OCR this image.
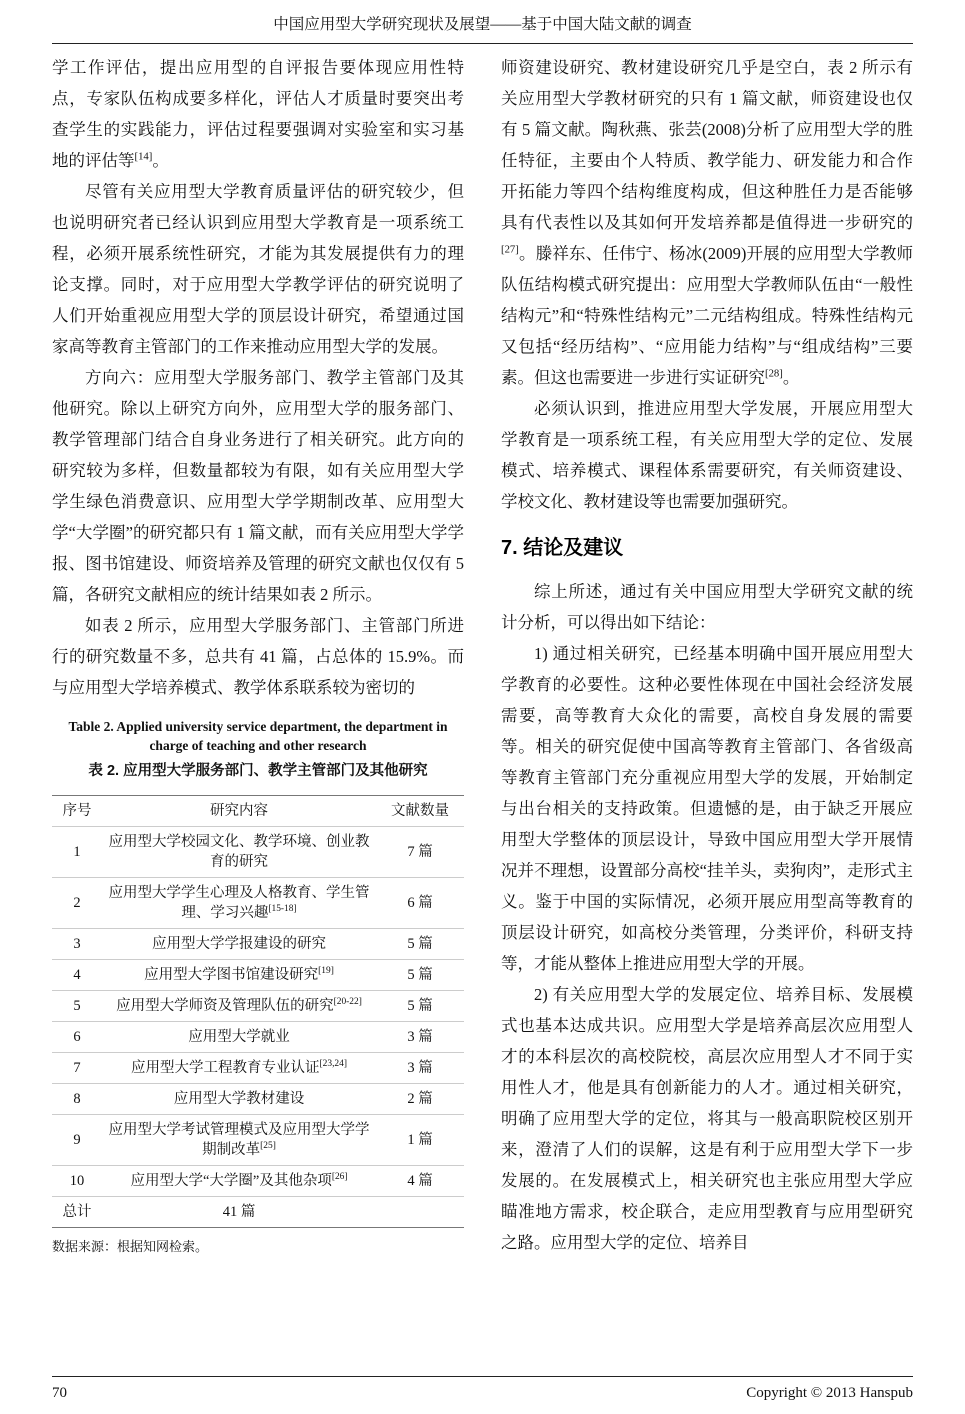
中国应用型大学研究现状及展望——基于中国大陆文献的调查

学工作评估，提出应用型的自评报告要体现应用性特点，专家队伍构成要多样化，评估人才质量时要突出考查学生的实践能力，评估过程要强调对实验室和实习基地的评估等[14]。

尽管有关应用型大学教育质量评估的研究较少，但也说明研究者已经认识到应用型大学教育是一项系统工程，必须开展系统性研究，才能为其发展提供有力的理论支撑。同时，对于应用型大学教学评估的研究说明了人们开始重视应用型大学的顶层设计研究，希望通过国家高等教育主管部门的工作来推动应用型大学的发展。

方向六：应用型大学服务部门、教学主管部门及其他研究。除以上研究方向外，应用型大学的服务部门、教学管理部门结合自身业务进行了相关研究。此方向的研究较为多样，但数量都较为有限，如有关应用型大学学生绿色消费意识、应用型大学学期制改革、应用型大学“大学圈”的研究都只有 1 篇文献，而有关应用型大学学报、图书馆建设、师资培养及管理的研究文献也仅仅有 5 篇，各研究文献相应的统计结果如表 2 所示。

如表 2 所示，应用型大学服务部门、主管部门所进行的研究数量不多，总共有 41 篇，占总体的 15.9%。而与应用型大学培养模式、教学体系联系较为密切的

Table 2. Applied university service department, the department in charge of teaching and other research
表 2. 应用型大学服务部门、教学主管部门及其他研究
序号	研究内容	文献数量
1	应用型大学校园文化、教学环境、创业教育的研究	7 篇
2	应用型大学学生心理及人格教育、学生管理、学习兴趣[15-18]	6 篇
3	应用型大学学报建设的研究	5 篇
4	应用型大学图书馆建设研究[19]	5 篇
5	应用型大学师资及管理队伍的研究[20-22]	5 篇
6	应用型大学就业	3 篇
7	应用型大学工程教育专业认证[23,24]	3 篇
8	应用型大学教材建设	2 篇
9	应用型大学考试管理模式及应用型大学学期制改革[25]	1 篇
10	应用型大学“大学圈”及其他杂项[26]	4 篇
总计	41 篇	
数据来源：根据知网检索。

师资建设研究、教材建设研究几乎是空白，表 2 所示有关应用型大学教材研究的只有 1 篇文献，师资建设也仅有 5 篇文献。陶秋燕、张芸(2008)分析了应用型大学的胜任特征，主要由个人特质、教学能力、研发能力和合作开拓能力等四个结构维度构成，但这种胜任力是否能够具有代表性以及其如何开发培养都是值得进一步研究的[27]。滕祥东、任伟宁、杨冰(2009)开展的应用型大学教师队伍结构模式研究提出：应用型大学教师队伍由“一般性结构元”和“特殊性结构元”二元结构组成。特殊性结构元又包括“经历结构”、“应用能力结构”与“组成结构”三要素。但这也需要进一步进行实证研究[28]。

必须认识到，推进应用型大学发展，开展应用型大学教育是一项系统工程，有关应用型大学的定位、发展模式、培养模式、课程体系需要研究，有关师资建设、学校文化、教材建设等也需要加强研究。

7. 结论及建议

综上所述，通过有关中国应用型大学研究文献的统计分析，可以得出如下结论：

1) 通过相关研究，已经基本明确中国开展应用型大学教育的必要性。这种必要性体现在中国社会经济发展需要，高等教育大众化的需要，高校自身发展的需要等。相关的研究促使中国高等教育主管部门、各省级高等教育主管部门充分重视应用型大学的发展，开始制定与出台相关的支持政策。但遗憾的是，由于缺乏开展应用型大学整体的顶层设计，导致中国应用型大学开展情况并不理想，设置部分高校“挂羊头，卖狗肉”，走形式主义。鉴于中国的实际情况，必须开展应用型高等教育的顶层设计研究，如高校分类管理，分类评价，科研支持等，才能从整体上推进应用型大学的开展。

2) 有关应用型大学的发展定位、培养目标、发展模式也基本达成共识。应用型大学是培养高层次应用型人才的本科层次的高校院校，高层次应用型人才不同于实用性人才，他是具有创新能力的人才。通过相关研究，明确了应用型大学的定位，将其与一般高职院校区别开来，澄清了人们的误解，这是有利于应用型大学下一步发展的。在发展模式上，相关研究也主张应用型大学应瞄准地方需求，校企联合，走应用型教育与应用型研究之路。应用型大学的定位、培养目

70	Copyright © 2013 Hanspub
